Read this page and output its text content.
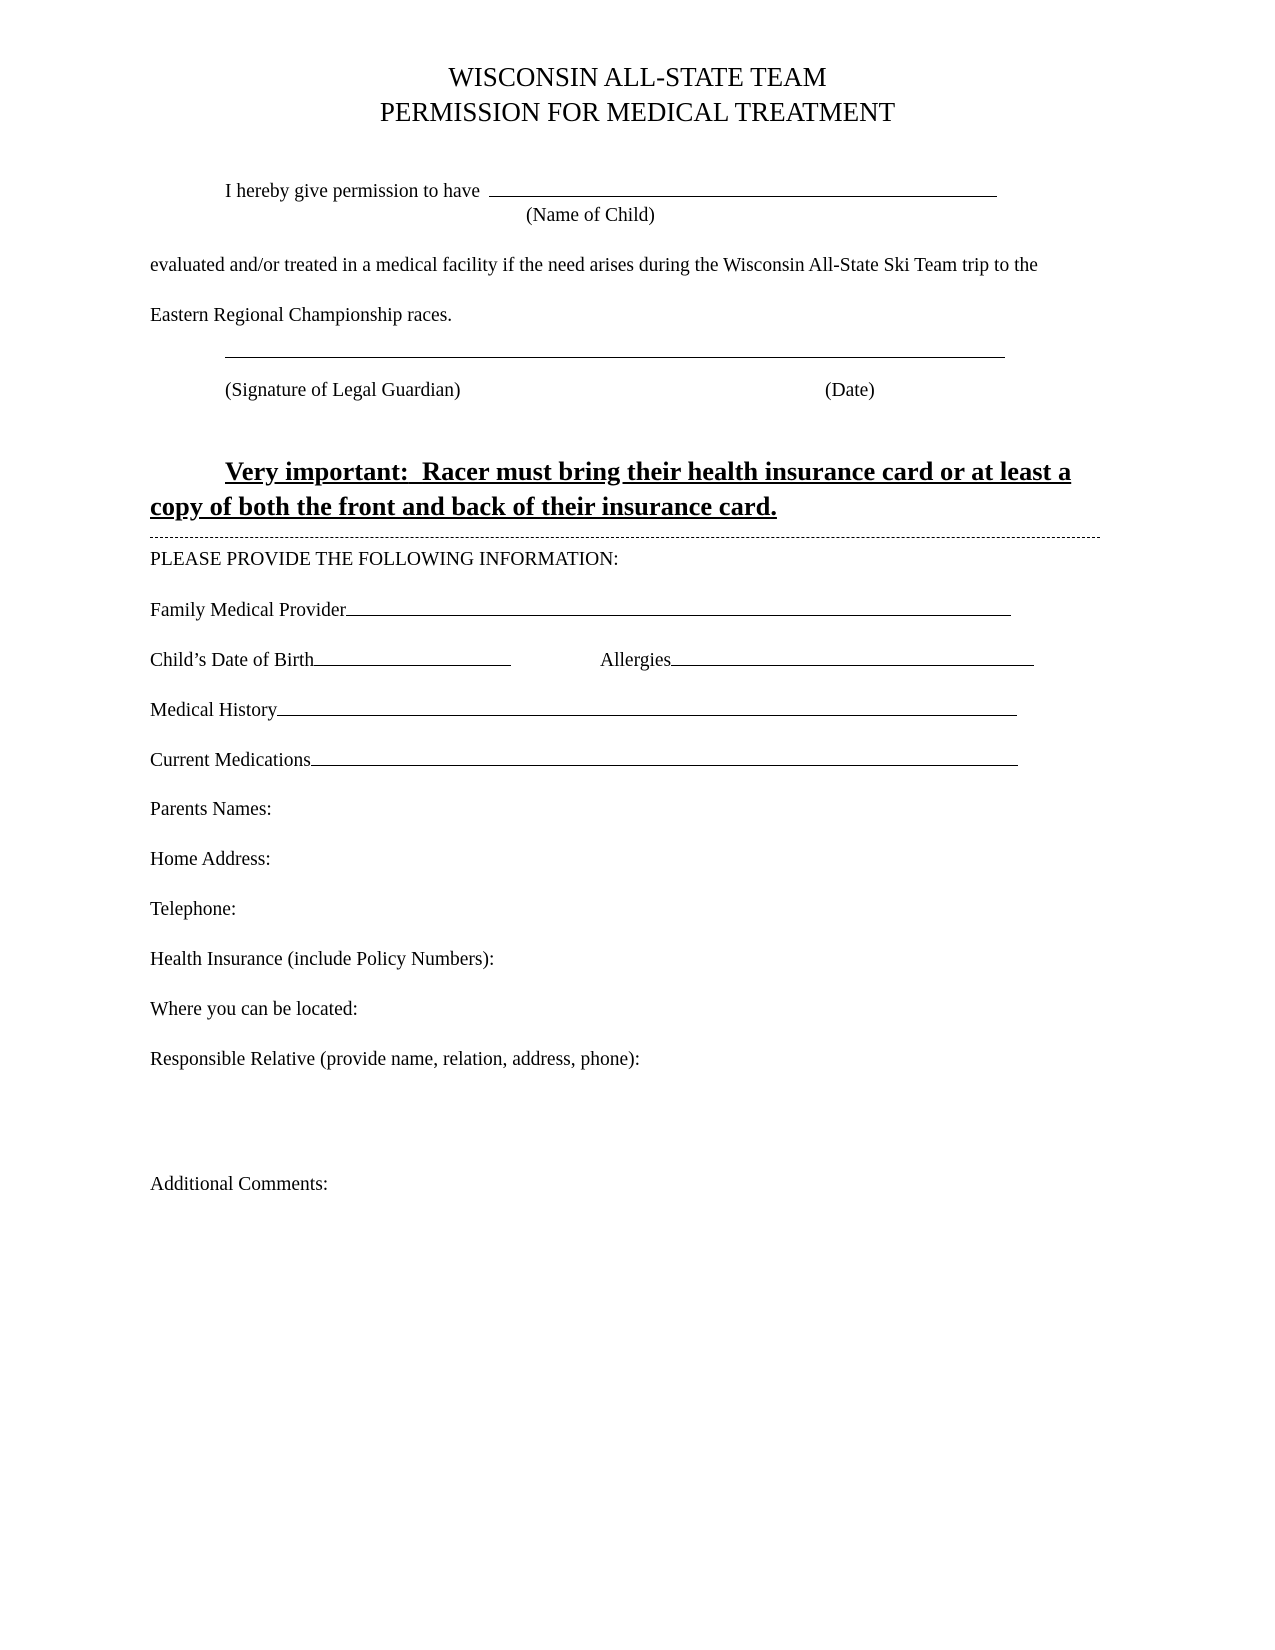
WISCONSIN ALL-STATE TEAM
PERMISSION FOR MEDICAL TREATMENT
I hereby give permission to have
(Name of Child)
evaluated and/or treated in a medical facility if the need arises during the Wisconsin All-State Ski Team trip to the
Eastern Regional Championship races.
(Signature of Legal Guardian)	(Date)
Very important: Racer must bring their health insurance card or at least a copy of both the front and back of their insurance card.
PLEASE PROVIDE THE FOLLOWING INFORMATION:
Family Medical Provider
Child’s Date of Birth	Allergies
Medical History
Current Medications
Parents Names:
Home Address:
Telephone:
Health Insurance (include Policy Numbers):
Where you can be located:
Responsible Relative (provide name, relation, address, phone):
Additional Comments:
